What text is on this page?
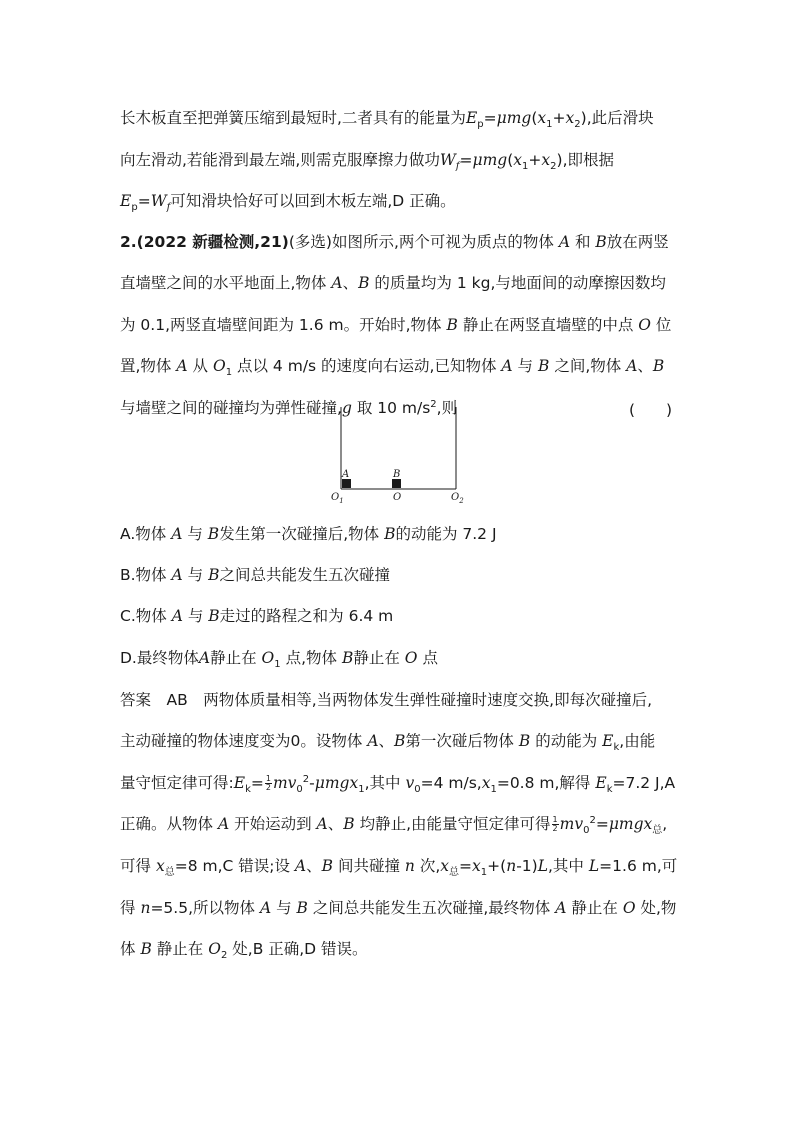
长木板直至把弹簧压缩到最短时,二者具有的能量为$E_p=\mu mg(x_1+x_2)$,此后滑块
向左滑动,若能滑到最左端,则需克服摩擦力做功$W_f=\mu mg(x_1+x_2)$,即根据
$E_p=W_f$可知滑块恰好可以回到木板左端,D 正确。
2.(2022 新疆检测,21)(多选)如图所示,两个可视为质点的物体 A 和 B放在两竖
直墙壁之间的水平地面上,物体 A、B 的质量均为 1 kg,与地面间的动摩擦因数均
为 0.1,两竖直墙壁间距为 1.6 m。开始时,物体 B 静止在两竖直墙壁的中点 O 位
置,物体 A 从 $O_1$ 点以 4 m/s 的速度向右运动,已知物体 A 与 B 之间,物体 A、B
与墙壁之间的碰撞均为弹性碰撞,g 取 10 $m/s^2$,则	(　　)
A	B
$O_1$	O	$O_2$
A.物体 A 与 B发生第一次碰撞后,物体 B的动能为 7.2 J
B.物体 A 与 B之间总共能发生五次碰撞
C.物体 A 与 B走过的路程之和为 6.4 m
D.最终物体A静止在 $O_1$ 点,物体 B静止在 O 点
答案　AB　两物体质量相等,当两物体发生弹性碰撞时速度交换,即每次碰撞后,
主动碰撞的物体速度变为0。设物体 A、B第一次碰后物体 B 的动能为 $E_k$,由能
量守恒定律可得$:E_k= \frac{1}{2} mv_0^2-\mu mgx_1$,其中 $v_0=4$ $m/s,x_1=0.8$ m,解得 $E_k=7.2$ J,A
正确。从物体 A 开始运动到 A、B 均静止,由能量守恒定律可得 $\frac{1}{2} mv_0^2=\mu mgx_总$,
可得 $x_总=8$ m,C 错误;设 A、B 间共碰撞 n 次$,x_总=x_1+(n-1)L$,其中 L=1.6 m,可
得 n=5.5,所以物体 A 与 B 之间总共能发生五次碰撞,最终物体 A 静止在 O 处,物
体 B 静止在 $O_2$ 处,B 正确,D 错误。
